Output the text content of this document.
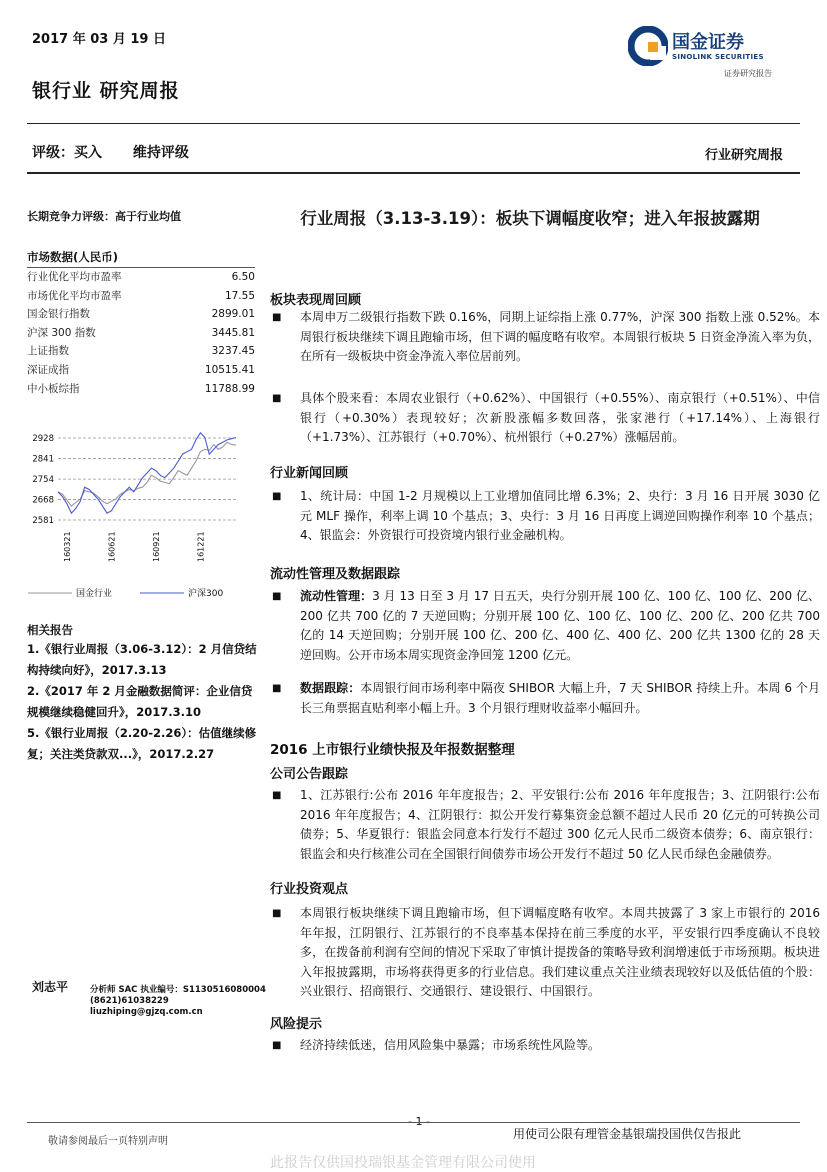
2017 年 03 月 19 日
银行业 研究周报
国金证券
SINOLINK SECURITIES
证券研究报告
评级：买入 维持评级	行业研究周报
长期竞争力评级：高于行业均值
市场数据(人民币)
行业优化平均市盈率	6.50
市场优化平均市盈率	17.55
国金银行指数	2899.01
沪深 300 指数	3445.81
上证指数	3237.45
深证成指	10515.41
中小板综指	11788.99
2928
2841
2754
2668
2581
160321	160621	160921	161221
国金行业	沪深300
相关报告
1.《银行业周报（3.06-3.12）：2 月信贷结构持续向好》，2017.3.13
2.《2017 年 2 月金融数据简评：企业信贷规模继续稳健回升》，2017.3.10
5.《银行业周报（2.20-2.26）：估值继续修复；关注类贷款双...》，2017.2.27
刘志平	分析师 SAC 执业编号：S1130516080004
(8621)61038229
liuzhiping@gjzq.com.cn
行业周报（3.13-3.19）：板块下调幅度收窄；进入年报披露期
板块表现周回顾
■ 本周申万二级银行指数下跌 0.16%，同期上证综指上涨 0.77%，沪深 300 指数上涨 0.52%。本周银行板块继续下调且跑输市场，但下调的幅度略有收窄。本周银行板块 5 日资金净流入率为负，在所有一级板块中资金净流入率位居前列。
■ 具体个股来看：本周农业银行（+0.62%）、中国银行（+0.55%）、南京银行（+0.51%）、中信银行（+0.30%）表现较好；次新股涨幅多数回落，张家港行（+17.14%）、上海银行（+1.73%）、江苏银行（+0.70%）、杭州银行（+0.27%）涨幅居前。
行业新闻回顾
■ 1、统计局：中国 1-2 月规模以上工业增加值同比增 6.3%；2、央行：3 月 16 日开展 3030 亿元 MLF 操作，利率上调 10 个基点；3、央行：3 月 16 日再度上调逆回购操作利率 10 个基点；4、银监会：外资银行可投资境内银行业金融机构。
流动性管理及数据跟踪
■ 流动性管理：3 月 13 日至 3 月 17 日五天，央行分别开展 100 亿、100 亿、100 亿、200 亿、200 亿共 700 亿的 7 天逆回购；分别开展 100 亿、100 亿、100 亿、200 亿、200 亿共 700 亿的 14 天逆回购；分别开展 100 亿、200 亿、400 亿、400 亿、200 亿共 1300 亿的 28 天逆回购。公开市场本周实现资金净回笼 1200 亿元。
■ 数据跟踪：本周银行间市场利率中隔夜 SHIBOR 大幅上升，7 天 SHIBOR 持续上升。本周 6 个月长三角票据直贴利率小幅上升。3 个月银行理财收益率小幅回升。
2016 上市银行业绩快报及年报数据整理
公司公告跟踪
■ 1、江苏银行:公布 2016 年年度报告；2、平安银行:公布 2016 年年度报告；3、江阴银行:公布 2016 年年度报告；4、江阴银行：拟公开发行募集资金总额不超过人民币 20 亿元的可转换公司债券；5、华夏银行：银监会同意本行发行不超过 300 亿元人民币二级资本债券；6、南京银行：银监会和央行核准公司在全国银行间债券市场公开发行不超过 50 亿人民币绿色金融债券。
行业投资观点
■ 本周银行板块继续下调且跑输市场，但下调幅度略有收窄。本周共披露了 3 家上市银行的 2016 年年报，江阴银行、江苏银行的不良率基本保持在前三季度的水平，平安银行四季度确认不良较多，在拨备前利润有空间的情况下采取了审慎计提拨备的策略导致利润增速低于市场预期。板块进入年报披露期，市场将获得更多的行业信息。我们建议重点关注业绩表现较好以及低估值的个股：兴业银行、招商银行、交通银行、建设银行、中国银行。
风险提示
■ 经济持续低迷，信用风险集中暴露；市场系统性风险等。
- 1 -
敬请参阅最后一页特别声明
用使司公限有理管金基银瑞投国供仅告报此
此报告仅供国投瑞银基金管理有限公司使用
